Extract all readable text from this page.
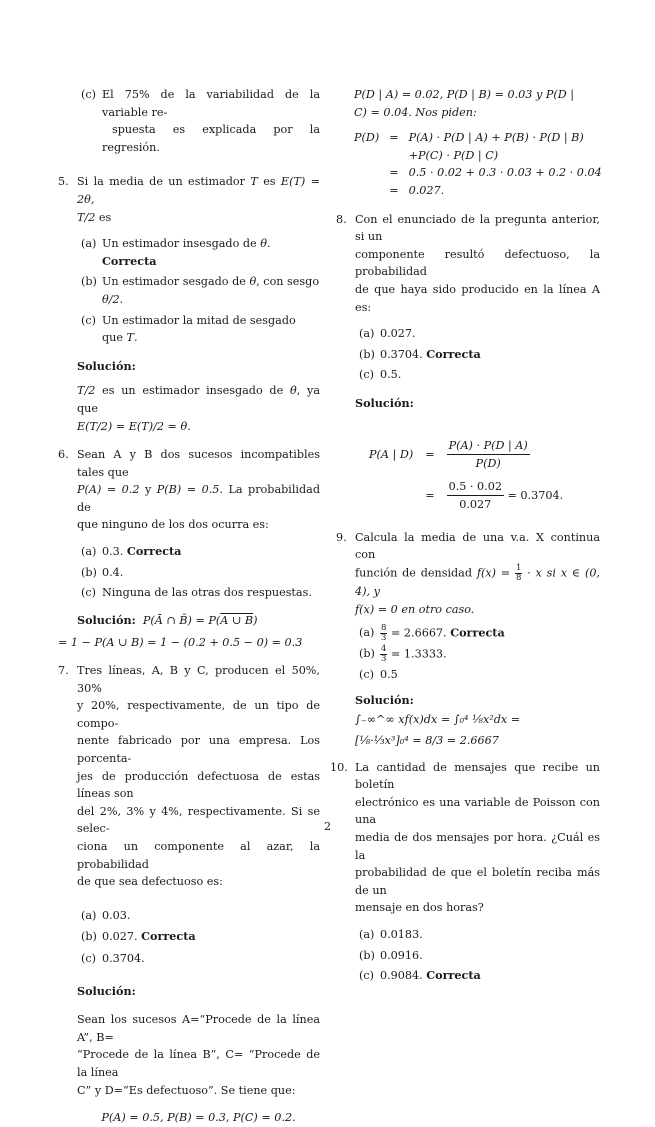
(c) El 75% de la variabilidad de la variable re-

spuesta es explicada por la regresión.

5. Si la media de un estimador T es E(T) = 2θ,

T/2 es

(a) Un estimador insesgado de θ. Correcta
(b) Un estimador sesgado de θ, con sesgo θ/2.
(c) Un estimador la mitad de sesgado que T.

Solución:

T/2 es un estimador insesgado de θ, ya que

E(T/2) = E(T)/2 = θ.

6. Sean A y B dos sucesos incompatibles tales que

P(A) = 0.2 y P(B) = 0.5. La probabilidad de

que ninguno de los dos ocurra es:

(a) 0.3. Correcta
(b) 0.4.
(c) Ninguna de las otras dos respuestas.

Solución: P(Ā ∩ B̄) = P(A ∪ B)

= 1 − P(A ∪ B) = 1 − (0.2 + 0.5 − 0) = 0.3

7. Tres líneas, A, B y C, producen el 50%, 30%

y 20%, respectivamente, de un tipo de compo-

nente fabricado por una empresa. Los porcenta-

jes de producción defectuosa de estas líneas son

del 2%, 3% y 4%, respectivamente. Si se selec-

ciona un componente al azar, la probabilidad

de que sea defectuoso es:

(a) 0.03.
(b) 0.027. Correcta
(c) 0.3704.

Solución:

Sean los sucesos A=“Procede de la línea A”, B=

“Procede de la línea B”, C= “Procede de la línea

C” y D=“Es defectuoso”. Se tiene que:

P(A) = 0.5, P(B) = 0.3, P(C) = 0.2.

P(D | A) = 0.02, P(D | B) = 0.03 y P(D |

C) = 0.04. Nos piden:

P(D)	=	P(A) · P(D | A) + P(B) · P(D | B)
		+P(C) · P(D | C)
	=	0.5 · 0.02 + 0.3 · 0.03 + 0.2 · 0.04
	=	0.027.
8. Con el enunciado de la pregunta anterior, si un

componente resultó defectuoso, la probabilidad

de que haya sido producido en la línea A es:

(a) 0.027.
(b) 0.3704. Correcta
(c) 0.5.

Solución:

P(A | D)	=	$\frac{P(A) \cdot P(D | A)}{P(D)}$

	=	$\frac{0.5 \cdot 0.02}{0.027} = 0.3704$.
9. Calcula la media de una v.a. X continua con

función de densidad $f(x) = \frac{1}{8} \cdot x$ si x ∈ (0, 4), y

f(x) = 0 en otro caso.

$(a) \frac{8}{3} = 2.6667$. Correcta
$(b) \frac{4}{3} = 1.3333$.
(c) 0.5

Solución:

∫₋∞^∞ xf(x)dx = ∫₀⁴ ⅛x²dx =

[⅛·⅓x³]₀⁴ = 8/3 = 2.6667

10. La cantidad de mensajes que recibe un boletín

electrónico es una variable de Poisson con una

media de dos mensajes por hora. ¿Cuál es la

probabilidad de que el boletín reciba más de un

mensaje en dos horas?

(a) 0.0183.
(b) 0.0916.
(c) 0.9084. Correcta
2
